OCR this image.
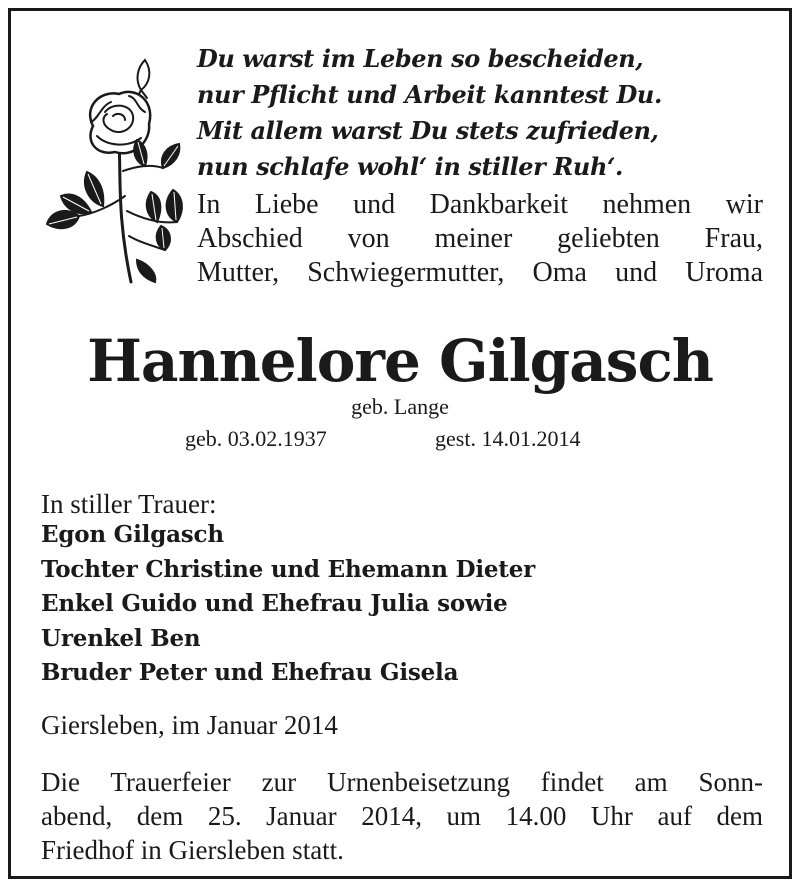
Du warst im Leben so bescheiden,
nur Pflicht und Arbeit kanntest Du.
Mit allem warst Du stets zufrieden,
nun schlafe wohl‘ in stiller Ruh‘.
In Liebe und Dankbarkeit nehmen wir
Abschied von meiner geliebten Frau,
Mutter, Schwiegermutter, Oma und Uroma
Hannelore Gilgasch
geb. Lange
geb. 03.02.1937	gest. 14.01.2014
In stiller Trauer:
Egon Gilgasch
Tochter Christine und Ehemann Dieter
Enkel Guido und Ehefrau Julia sowie
Urenkel Ben
Bruder Peter und Ehefrau Gisela
Giersleben, im Januar 2014
Die Trauerfeier zur Urnenbeisetzung findet am Sonn-
abend, dem 25. Januar 2014, um 14.00 Uhr auf dem
Friedhof in Giersleben statt.
